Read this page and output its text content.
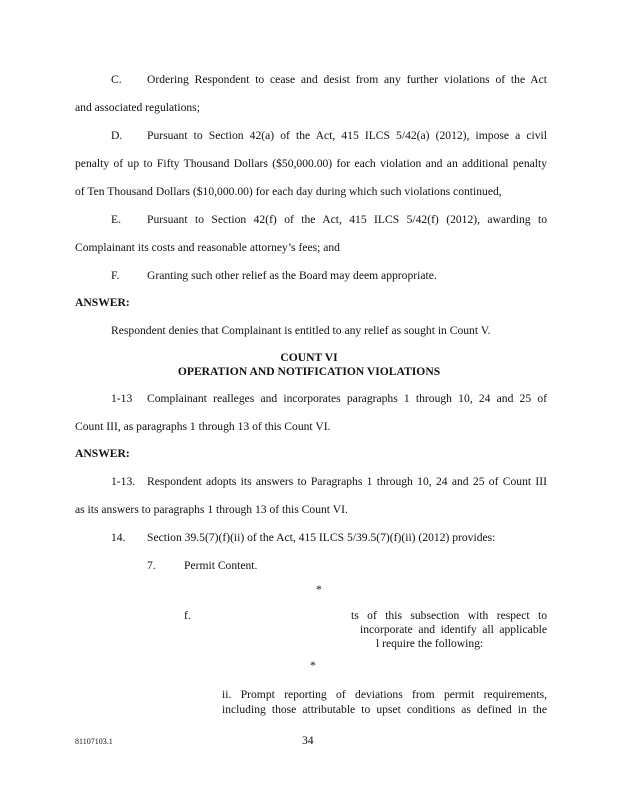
C. Ordering Respondent to cease and desist from any further violations of the Act
and associated regulations;
D. Pursuant to Section 42(a) of the Act, 415 ILCS 5/42(a) (2012), impose a civil
penalty of up to Fifty Thousand Dollars ($50,000.00) for each violation and an additional penalty
of Ten Thousand Dollars ($10,000.00) for each day during which such violations continued,
E. Pursuant to Section 42(f) of the Act, 415 ILCS 5/42(f) (2012), awarding to
Complainant its costs and reasonable attorney’s fees; and
F. Granting such other relief as the Board may deem appropriate.
ANSWER:
Respondent denies that Complainant is entitled to any relief as sought in Count V.
COUNT VI
OPERATION AND NOTIFICATION VIOLATIONS
1-13 Complainant realleges and incorporates paragraphs 1 through 10, 24 and 25 of
Count III, as paragraphs 1 through 13 of this Count VI.
ANSWER:
1-13. Respondent adopts its answers to Paragraphs 1 through 10, 24 and 25 of Count III
as its answers to paragraphs 1 through 13 of this Count VI.
14. Section 39.5(7)(f)(ii) of the Act, 415 ILCS 5/39.5(7)(f)(ii) (2012) provides:
7. Permit Content.
*
f.	ts of this subsection with respect to
incorporate and identify all applicable
l require the following:
*
ii. Prompt reporting of deviations from permit requirements,
including those attributable to upset conditions as defined in the
81107103.1	34
